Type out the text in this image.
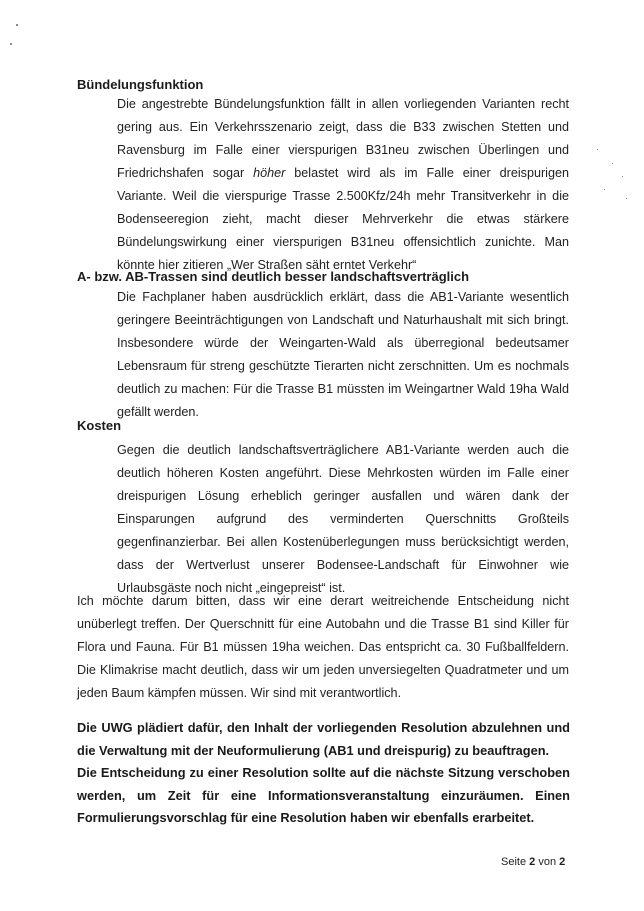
Bündelungsfunktion
Die angestrebte Bündelungsfunktion fällt in allen vorliegenden Varianten recht gering aus. Ein Verkehrsszenario zeigt, dass die B33 zwischen Stetten und Ravensburg im Falle einer vierspurigen B31neu zwischen Überlingen und Friedrichshafen sogar höher belastet wird als im Falle einer dreispurigen Variante. Weil die vierspurige Trasse 2.500Kfz/24h mehr Transitverkehr in die Bodenseeregion zieht, macht dieser Mehrverkehr die etwas stärkere Bündelungswirkung einer vierspurigen B31neu offensichtlich zunichte. Man könnte hier zitieren „Wer Straßen säht erntet Verkehr“
A- bzw. AB-Trassen sind deutlich besser landschaftsverträglich
Die Fachplaner haben ausdrücklich erklärt, dass die AB1-Variante wesentlich geringere Beeinträchtigungen von Landschaft und Naturhaushalt mit sich bringt. Insbesondere würde der Weingarten-Wald als überregional bedeutsamer Lebensraum für streng geschützte Tierarten nicht zerschnitten. Um es nochmals deutlich zu machen: Für die Trasse B1 müssten im Weingartner Wald 19ha Wald gefällt werden.
Kosten
Gegen die deutlich landschaftsverträglichere AB1-Variante werden auch die deutlich höheren Kosten angeführt. Diese Mehrkosten würden im Falle einer dreispurigen Lösung erheblich geringer ausfallen und wären dank der Einsparungen aufgrund des verminderten Querschnitts Großteils gegenfinanzierbar. Bei allen Kostenüberlegungen muss berücksichtigt werden, dass der Wertverlust unserer Bodensee-Landschaft für Einwohner wie Urlaubsgäste noch nicht „eingepreist“ ist.
Ich möchte darum bitten, dass wir eine derart weitreichende Entscheidung nicht unüberlegt treffen. Der Querschnitt für eine Autobahn und die Trasse B1 sind Killer für Flora und Fauna. Für B1 müssen 19ha weichen. Das entspricht ca. 30 Fußballfeldern. Die Klimakrise macht deutlich, dass wir um jeden unversiegelten Quadratmeter und um jeden Baum kämpfen müssen. Wir sind mit verantwortlich.
Die UWG plädiert dafür, den Inhalt der vorliegenden Resolution abzulehnen und die Verwaltung mit der Neuformulierung (AB1 und dreispurig) zu beauftragen.
Die Entscheidung zu einer Resolution sollte auf die nächste Sitzung verschoben werden, um Zeit für eine Informationsveranstaltung einzuräumen. Einen Formulierungsvorschlag für eine Resolution haben wir ebenfalls erarbeitet.
Seite 2 von 2
